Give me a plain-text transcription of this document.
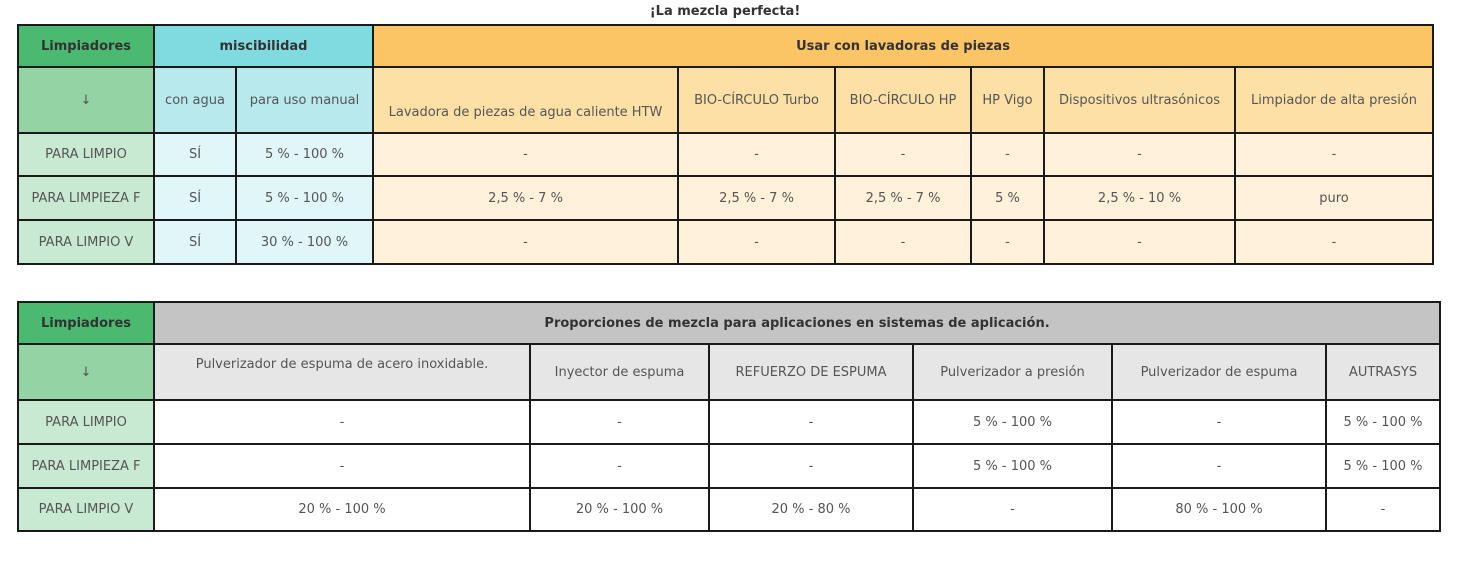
¡La mezcla perfecta!
Limpiadores	miscibilidad		Usar con lavadoras de piezas					
↓	con agua	para uso manual	Lavadora de piezas de agua caliente HTW	BIO-CÍRCULO Turbo	BIO-CÍRCULO HP	HP Vigo	Dispositivos ultrasónicos	Limpiador de alta presión
PARA LIMPIO	SÍ	5 % - 100 %	-	-	-	-	-	-
PARA LIMPIEZA F	SÍ	5 % - 100 %	2,5 % - 7 %	2,5 % - 7 %	2,5 % - 7 %	5 %	2,5 % - 10 %	puro
PARA LIMPIO V	SÍ	30 % - 100 %	-	-	-	-	-	-
Limpiadores	Proporciones de mezcla para aplicaciones en sistemas de aplicación.					
↓	Pulverizador de espuma de acero inoxidable.	Inyector de espuma	REFUERZO DE ESPUMA	Pulverizador a presión	Pulverizador de espuma	AUTRASYS
PARA LIMPIO	-	-	-	5 % - 100 %	-	5 % - 100 %
PARA LIMPIEZA F	-	-	-	5 % - 100 %	-	5 % - 100 %
PARA LIMPIO V	20 % - 100 %	20 % - 100 %	20 % - 80 %	-	80 % - 100 %	-
